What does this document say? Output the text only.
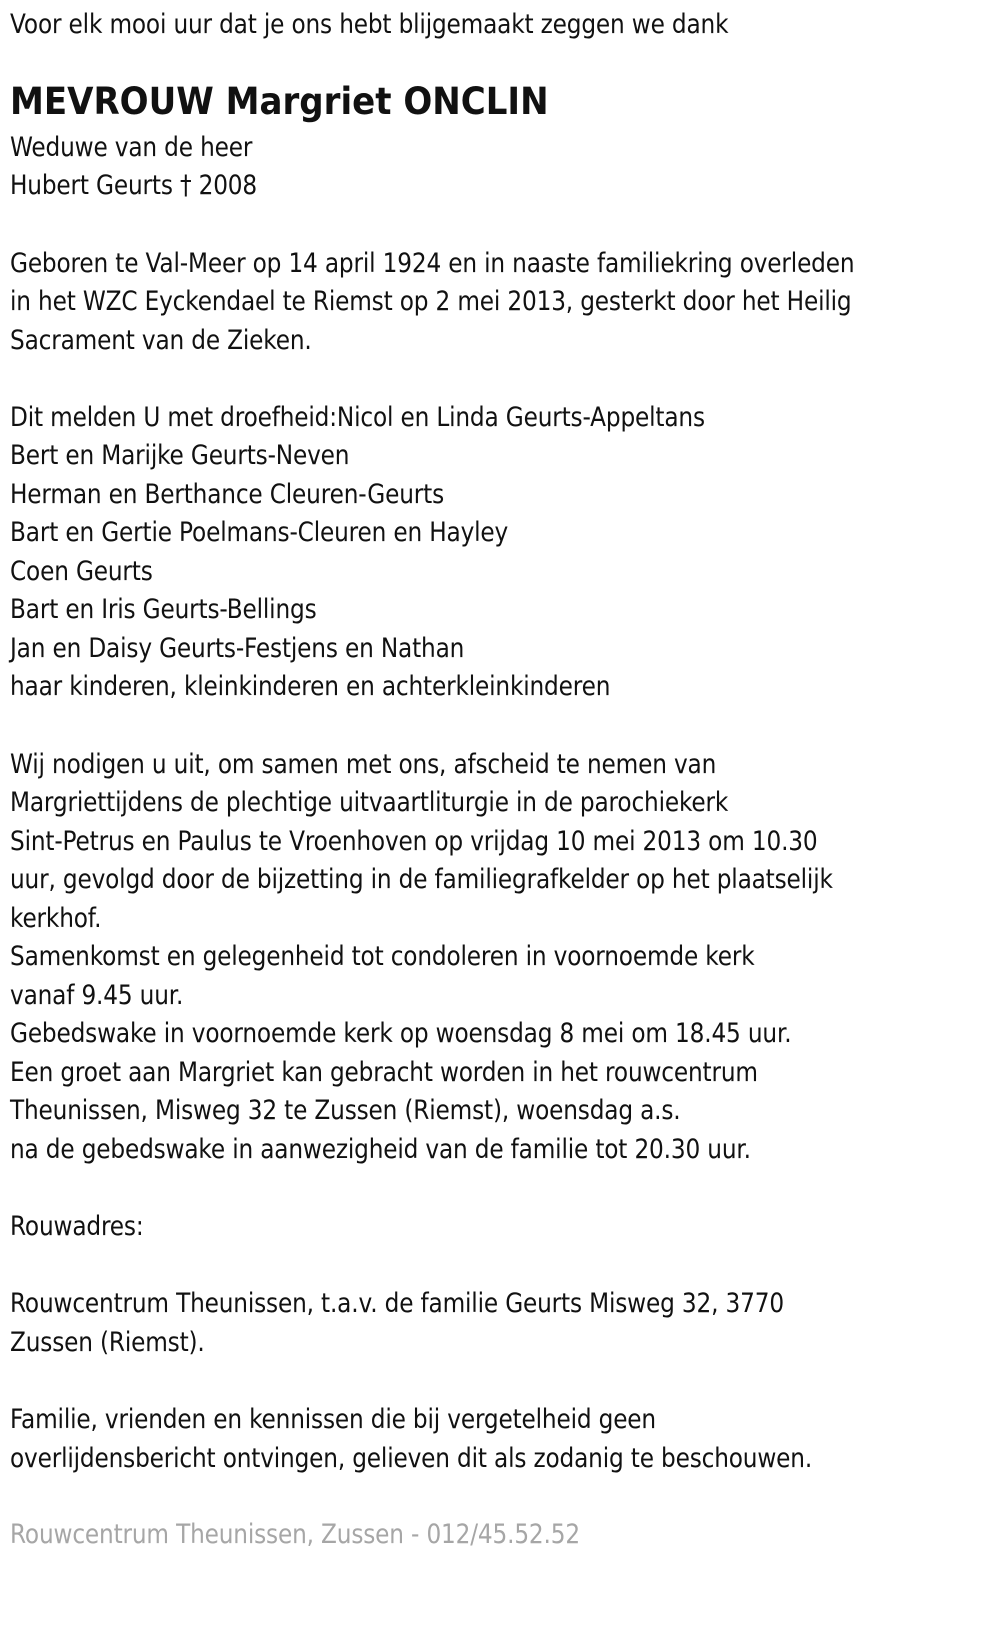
Voor elk mooi uur dat je ons hebt blijgemaakt zeggen we dank
MEVROUW Margriet ONCLIN
Weduwe van de heer
Hubert Geurts † 2008
Geboren te Val-Meer op 14 april 1924 en in naaste familiekring overleden
in het WZC Eyckendael te Riemst op 2 mei 2013, gesterkt door het Heilig
Sacrament van de Zieken.
Dit melden U met droefheid:Nicol en Linda Geurts-Appeltans
Bert en Marijke Geurts-Neven
Herman en Berthance Cleuren-Geurts
Bart en Gertie Poelmans-Cleuren en Hayley
Coen Geurts
Bart en Iris Geurts-Bellings
Jan en Daisy Geurts-Festjens en Nathan
haar kinderen, kleinkinderen en achterkleinkinderen
Wij nodigen u uit, om samen met ons, afscheid te nemen van
Margriettijdens de plechtige uitvaartliturgie in de parochiekerk
Sint-Petrus en Paulus te Vroenhoven op vrijdag 10 mei 2013 om 10.30
uur, gevolgd door de bijzetting in de familiegrafkelder op het plaatselijk
kerkhof.
Samenkomst en gelegenheid tot condoleren in voornoemde kerk
vanaf 9.45 uur.
Gebedswake in voornoemde kerk op woensdag 8 mei om 18.45 uur.
Een groet aan Margriet kan gebracht worden in het rouwcentrum
Theunissen, Misweg 32 te Zussen (Riemst), woensdag a.s.
na de gebedswake in aanwezigheid van de familie tot 20.30 uur.
Rouwadres:
Rouwcentrum Theunissen, t.a.v. de familie Geurts Misweg 32, 3770
Zussen (Riemst).
Familie, vrienden en kennissen die bij vergetelheid geen
overlijdensbericht ontvingen, gelieven dit als zodanig te beschouwen.
Rouwcentrum Theunissen, Zussen - 012/45.52.52
